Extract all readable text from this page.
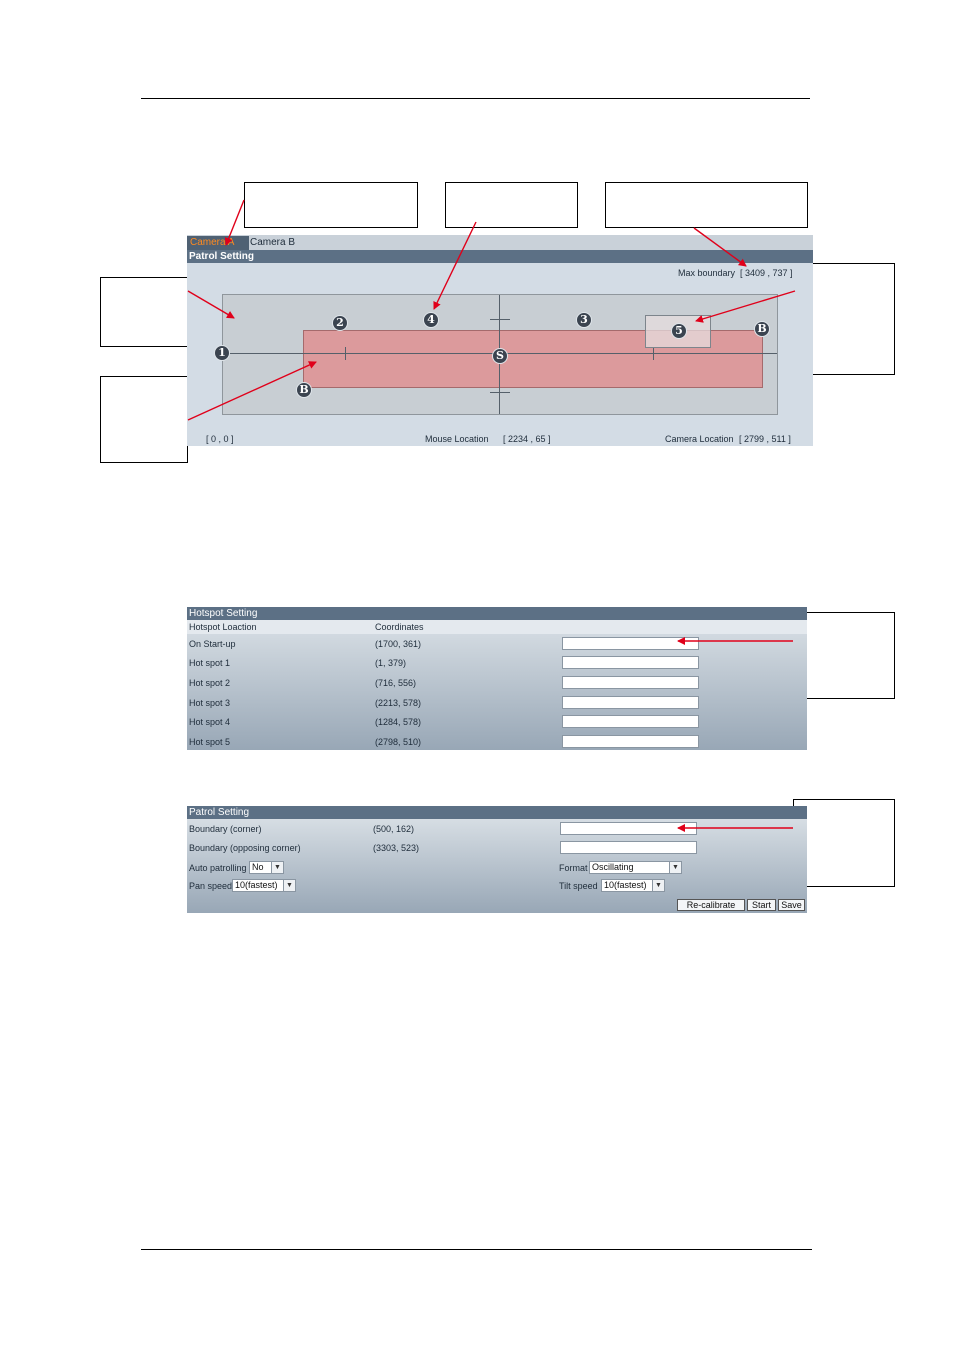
Camera A	Camera B
Patrol Setting
Max boundary [ 3409 , 737 ]
1
2	3
4
5
S
B
B
[ 0 , 0 ]	Mouse Location [ 2234 , 65 ]	Camera Location [ 2799 , 511 ]
Hotspot Setting
Hotspot Loaction	Coordinates
On Start-up	(1700, 361)
Hot spot 1	(1, 379)
Hot spot 2	(716, 556)
Hot spot 3	(2213, 578)
Hot spot 4	(1284, 578)
Hot spot 5	(2798, 510)
Patrol Setting
Boundary (corner)	(500, 162)
Boundary (opposing corner)	(3303, 523)
Auto patrolling No	▼	Format Oscillating	▼
Pan speed 10(fastest)	▼	Tilt speed 10(fastest)	▼
Re-calibrate	Start	Save
